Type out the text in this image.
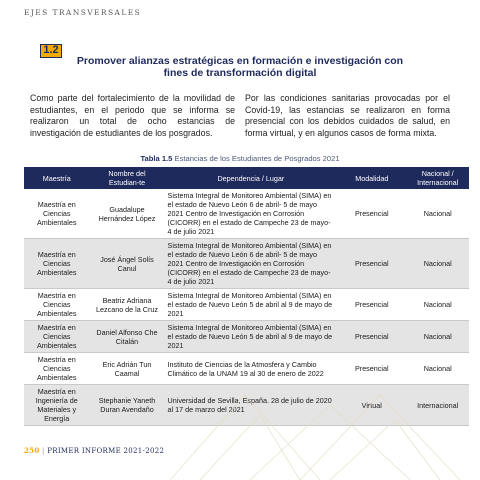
EJES TRANSVERSALES
1.2
Promover alianzas estratégicas en formación e investigación con fines de transformación digital
Como parte del fortalecimiento de la movilidad de estudiantes, en el periodo que se informa se realizaron un total de ocho estancias de investigación de estudiantes de los posgrados.
Por las condiciones sanitarias provocadas por el Covid-19, las estancias se realizaron en forma presencial con los debidos cuidados de salud, en forma virtual, y en algunos casos de forma mixta.
Tabla 1.5 Estancias de los Estudiantes de Posgrados 2021
Maestría	Nombre del Estudian-te	Dependencia / Lugar	Modalidad	Nacional / Internacional
Maestría en Ciencias Ambientales	Guadalupe Hernández López	Sistema Integral de Monitoreo Ambiental (SIMA) en el estado de Nuevo León 6 de abril- 5 de mayo 2021 Centro de Investigación en Corrosión (CICORR) en el estado de Campeche 23 de mayo- 4 de julio 2021	Presencial	Nacional
Maestría en Ciencias Ambientales	José Ángel Solís Canul	Sistema Integral de Monitoreo Ambiental (SIMA) en el estado de Nuevo León 6 de abril- 5 de mayo 2021 Centro de Investigación en Corrosión (CICORR) en el estado de Campeche 23 de mayo- 4 de julio 2021	Presencial	Nacional
Maestría en Ciencias Ambientales	Beatriz Adriana Lezcano de la Cruz	Sistema Integral de Monitoreo Ambiental (SIMA) en el estado de Nuevo León 5 de abril al 9 de mayo de 2021	Presencial	Nacional
Maestría en Ciencias Ambientales	Daniel Alfonso Che Citalán	Sistema Integral de Monitoreo Ambiental (SIMA) en el estado de Nuevo León 5 de abril al 9 de mayo de 2021	Presencial	Nacional
Maestría en Ciencias Ambientales	Eric Adrián Tun Caamal	Instituto de Ciencias de la Atmosfera y Cambio Climático de la UNAM 19 al 30 de enero de 2022	Presencial	Nacional
Maestría en Ingeniería de Materiales y Energía	Stephanie Yaneth Duran Avendaño	Universidad de Sevilla, España. 28 de julio de 2020 al 17 de marzo del 2021	Virtual	Internacional
250 | PRIMER INFORME 2021-2022
